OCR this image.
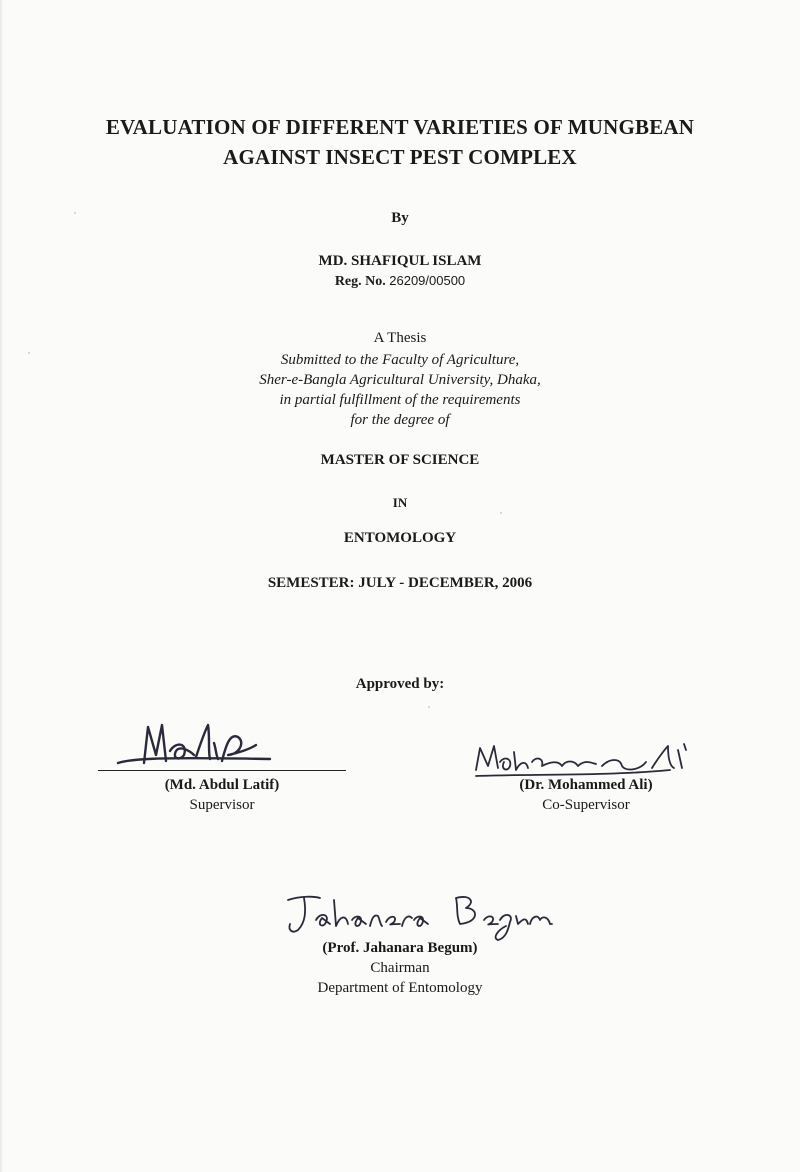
EVALUATION OF DIFFERENT VARIETIES OF MUNGBEAN
AGAINST INSECT PEST COMPLEX
By
MD. SHAFIQUL ISLAM
Reg. No. 26209/00500
A Thesis
Submitted to the Faculty of Agriculture,
Sher-e-Bangla Agricultural University, Dhaka,
in partial fulfillment of the requirements
for the degree of
MASTER OF SCIENCE
IN
ENTOMOLOGY
SEMESTER: JULY - DECEMBER, 2006
Approved by:
(Md. Abdul Latif)
Supervisor
(Dr. Mohammed Ali)
Co-Supervisor
(Prof. Jahanara Begum)
Chairman
Department of Entomology
